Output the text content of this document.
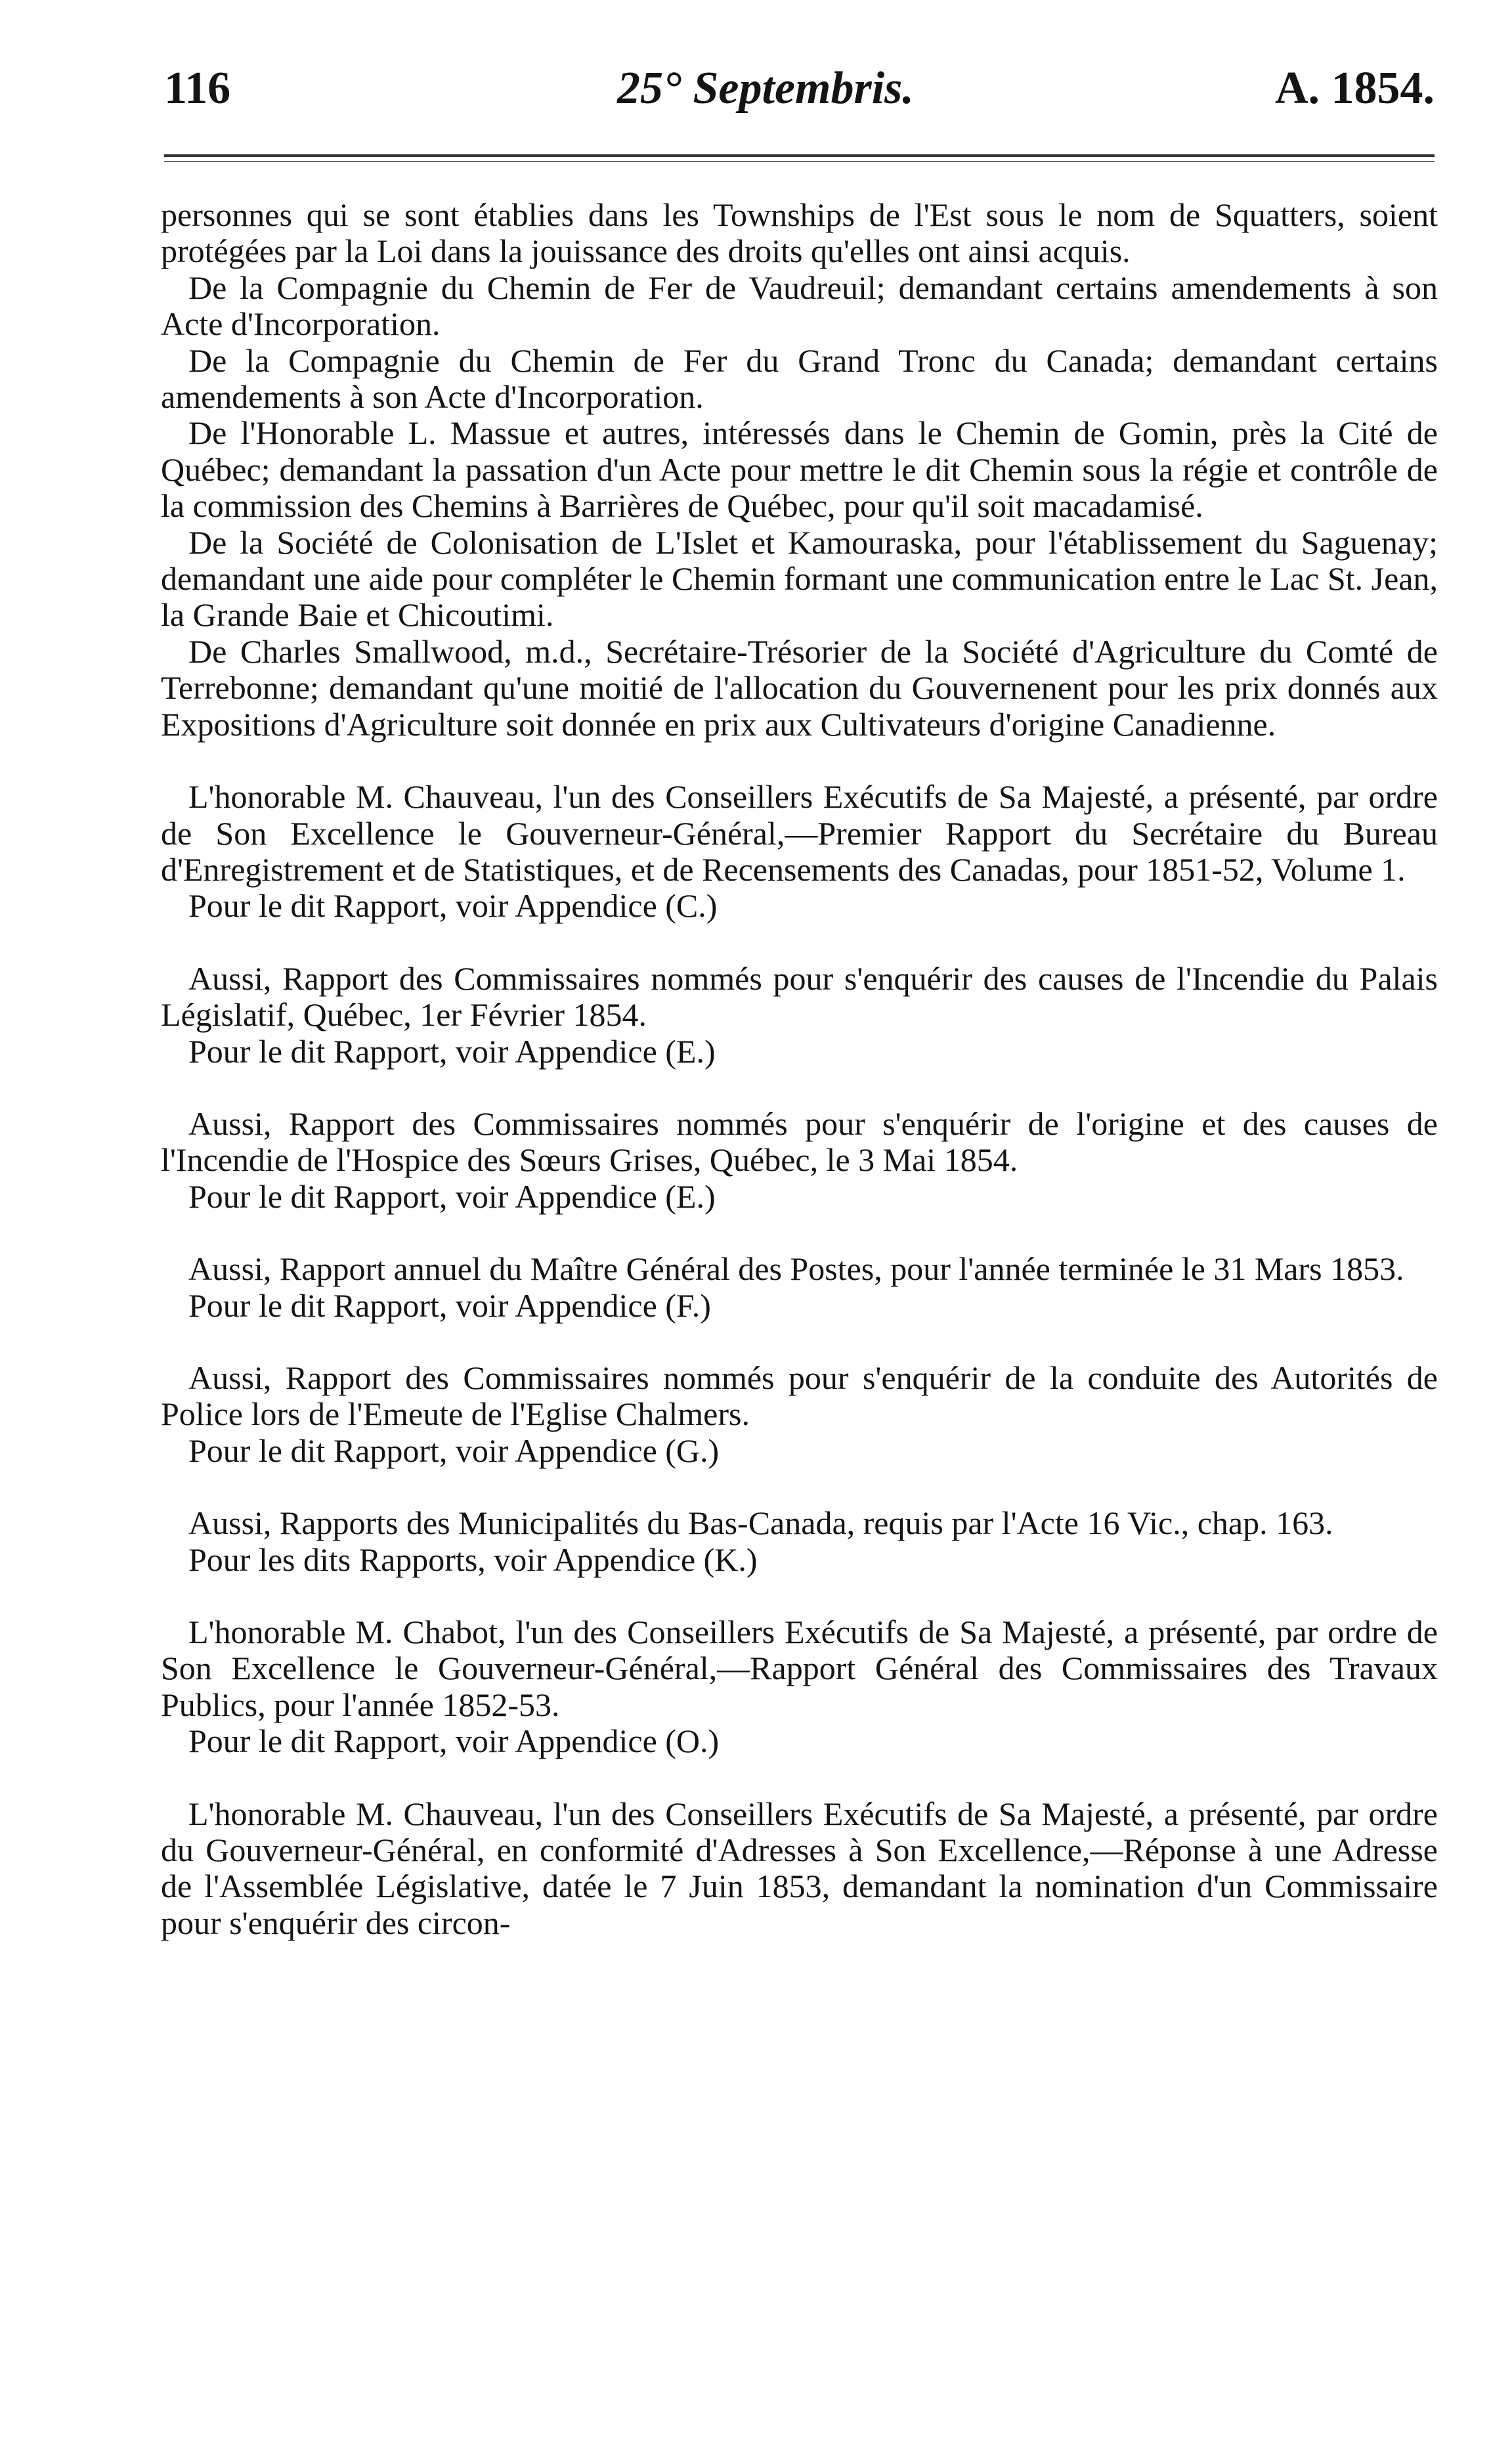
116	25° Septembris.	A. 1854.

personnes qui se sont établies dans les Townships de l'Est sous le nom de Squatters, soient protégées par la Loi dans la jouissance des droits qu'elles ont ainsi acquis.

De la Compagnie du Chemin de Fer de Vaudreuil; demandant certains amendements à son Acte d'Incorporation.

De la Compagnie du Chemin de Fer du Grand Tronc du Canada; demandant certains amendements à son Acte d'Incorporation.

De l'Honorable L. Massue et autres, intéressés dans le Chemin de Gomin, près la Cité de Québec; demandant la passation d'un Acte pour mettre le dit Chemin sous la régie et contrôle de la commission des Chemins à Barrières de Québec, pour qu'il soit macadamisé.

De la Société de Colonisation de L'Islet et Kamouraska, pour l'établissement du Saguenay; demandant une aide pour compléter le Chemin formant une communication entre le Lac St. Jean, la Grande Baie et Chicoutimi.

De Charles Smallwood, m.d., Secrétaire-Trésorier de la Société d'Agriculture du Comté de Terrebonne; demandant qu'une moitié de l'allocation du Gouvernenent pour les prix donnés aux Expositions d'Agriculture soit donnée en prix aux Cultivateurs d'origine Canadienne.

L'honorable M. Chauveau, l'un des Conseillers Exécutifs de Sa Majesté, a présenté, par ordre de Son Excellence le Gouverneur-Général,—Premier Rapport du Secrétaire du Bureau d'Enregistrement et de Statistiques, et de Recensements des Canadas, pour 1851-52, Volume 1.

Pour le dit Rapport, voir Appendice (C.)

Aussi, Rapport des Commissaires nommés pour s'enquérir des causes de l'Incendie du Palais Législatif, Québec, 1er Février 1854.

Pour le dit Rapport, voir Appendice (E.)

Aussi, Rapport des Commissaires nommés pour s'enquérir de l'origine et des causes de l'Incendie de l'Hospice des Sœurs Grises, Québec, le 3 Mai 1854.

Pour le dit Rapport, voir Appendice (E.)

Aussi, Rapport annuel du Maître Général des Postes, pour l'année terminée le 31 Mars 1853.

Pour le dit Rapport, voir Appendice (F.)

Aussi, Rapport des Commissaires nommés pour s'enquérir de la conduite des Autorités de Police lors de l'Emeute de l'Eglise Chalmers.

Pour le dit Rapport, voir Appendice (G.)

Aussi, Rapports des Municipalités du Bas-Canada, requis par l'Acte 16 Vic., chap. 163.

Pour les dits Rapports, voir Appendice (K.)

L'honorable M. Chabot, l'un des Conseillers Exécutifs de Sa Majesté, a présenté, par ordre de Son Excellence le Gouverneur-Général,—Rapport Général des Commissaires des Travaux Publics, pour l'année 1852-53.

Pour le dit Rapport, voir Appendice (O.)

L'honorable M. Chauveau, l'un des Conseillers Exécutifs de Sa Majesté, a présenté, par ordre du Gouverneur-Général, en conformité d'Adresses à Son Excellence,—Réponse à une Adresse de l'Assemblée Législative, datée le 7 Juin 1853, demandant la nomination d'un Commissaire pour s'enquérir des circon-
